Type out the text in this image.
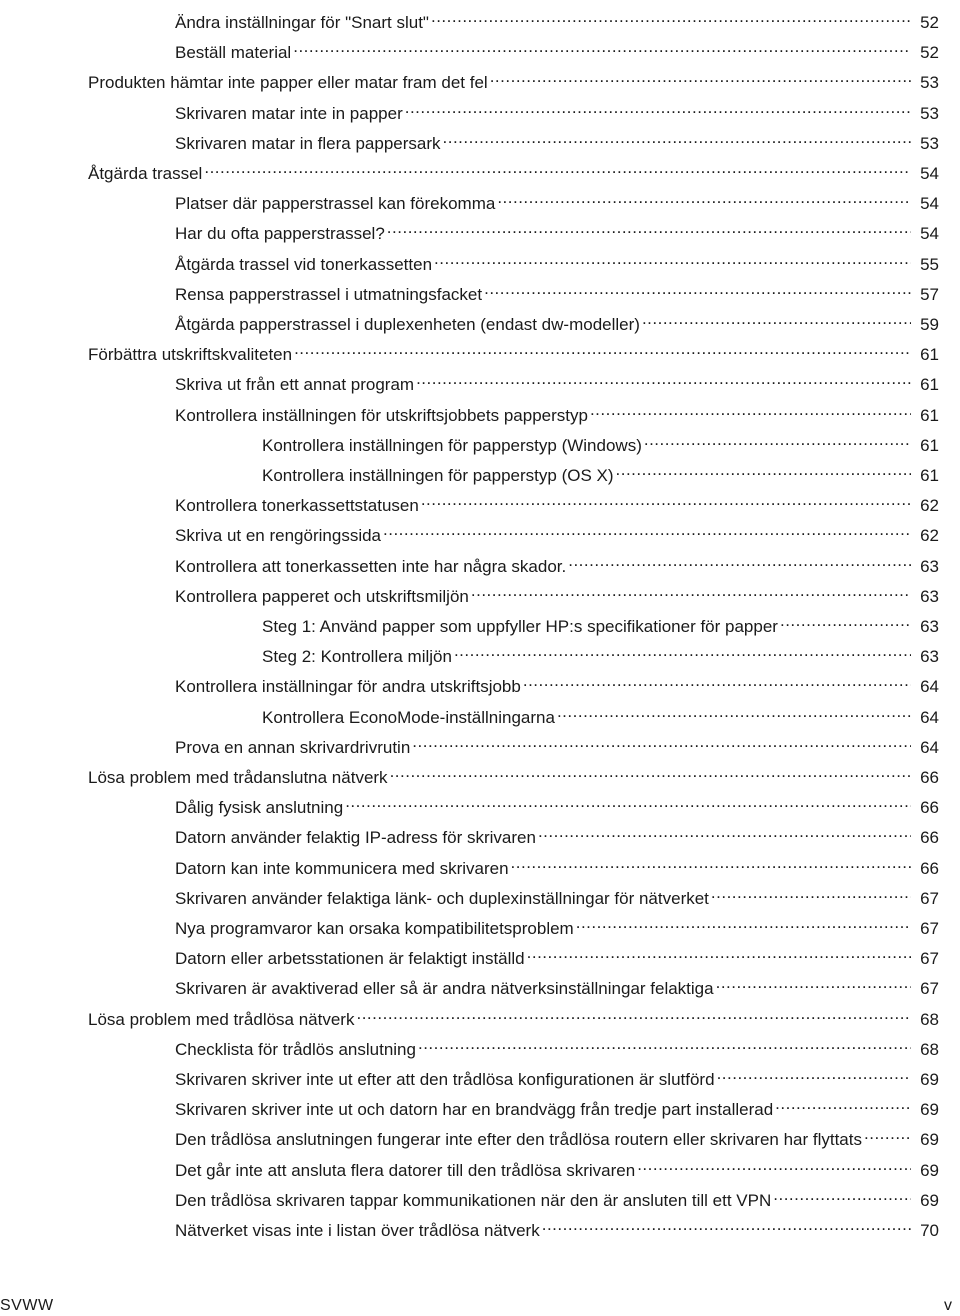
Ändra inställningar för "Snart slut" .....	52
Beställ material .....	52
Produkten hämtar inte papper eller matar fram det fel .....	53
Skrivaren matar inte in papper .....	53
Skrivaren matar in flera pappersark .....	53
Åtgärda trassel .....	54
Platser där papperstrassel kan förekomma .....	54
Har du ofta papperstrassel? .....	54
Åtgärda trassel vid tonerkassetten .....	55
Rensa papperstrassel i utmatningsfacket .....	57
Åtgärda papperstrassel i duplexenheten (endast dw-modeller) .....	59
Förbättra utskriftskvaliteten .....	61
Skriva ut från ett annat program .....	61
Kontrollera inställningen för utskriftsjobbets papperstyp .....	61
Kontrollera inställningen för papperstyp (Windows) .....	61
Kontrollera inställningen för papperstyp (OS X) .....	61
Kontrollera tonerkassettstatusen .....	62
Skriva ut en rengöringssida .....	62
Kontrollera att tonerkassetten inte har några skador. .....	63
Kontrollera papperet och utskriftsmiljön .....	63
Steg 1: Använd papper som uppfyller HP:s specifikationer för papper .....	63
Steg 2: Kontrollera miljön .....	63
Kontrollera inställningar för andra utskriftsjobb .....	64
Kontrollera EconoMode-inställningarna .....	64
Prova en annan skrivardrivrutin .....	64
Lösa problem med trådanslutna nätverk .....	66
Dålig fysisk anslutning .....	66
Datorn använder felaktig IP-adress för skrivaren .....	66
Datorn kan inte kommunicera med skrivaren .....	66
Skrivaren använder felaktiga länk- och duplexinställningar för nätverket .....	67
Nya programvaror kan orsaka kompatibilitetsproblem .....	67
Datorn eller arbetsstationen är felaktigt inställd .....	67
Skrivaren är avaktiverad eller så är andra nätverksinställningar felaktiga .....	67
Lösa problem med trådlösa nätverk .....	68
Checklista för trådlös anslutning .....	68
Skrivaren skriver inte ut efter att den trådlösa konfigurationen är slutförd .....	69
Skrivaren skriver inte ut och datorn har en brandvägg från tredje part installerad .....	69
Den trådlösa anslutningen fungerar inte efter den trådlösa routern eller skrivaren har flyttats .....	69
Det går inte att ansluta flera datorer till den trådlösa skrivaren .....	69
Den trådlösa skrivaren tappar kommunikationen när den är ansluten till ett VPN .....	69
Nätverket visas inte i listan över trådlösa nätverk .....	70
SVWW	v
